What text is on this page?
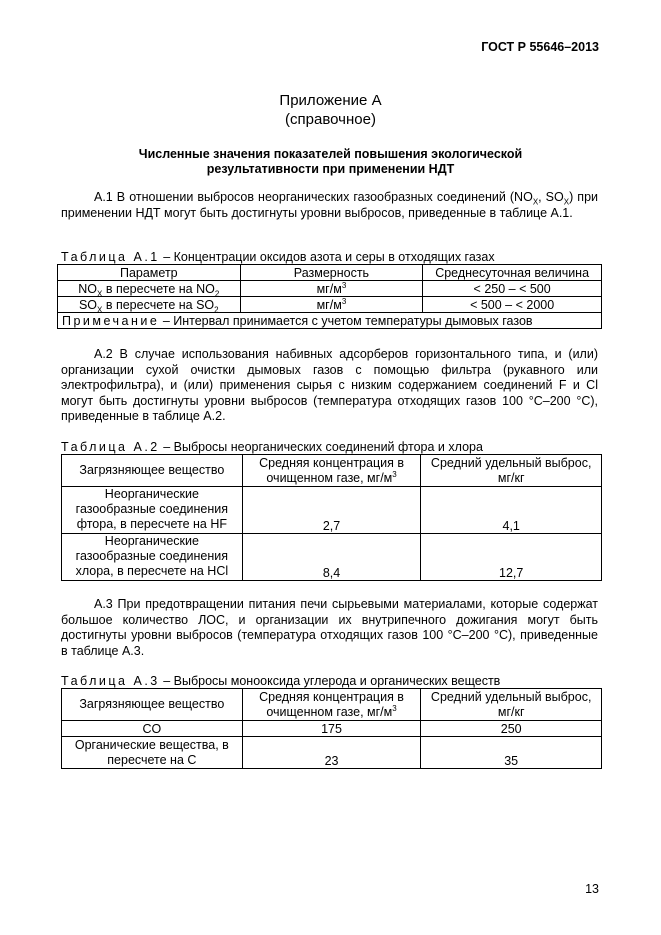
ГОСТ Р 55646–2013
Приложение А
(справочное)
Численные значения показателей повышения экологической
результативности при применении НДТ
А.1 В отношении выбросов неорганических газообразных соединений ($NO_X$, $SO_X$) при применении НДТ могут быть достигнуты уровни выбросов, приведенные в таблице А.1.
Таблица А.1 – Концентрации оксидов азота и серы в отходящих газах
Параметр	Размерность	Среднесуточная величина
$NO_X$ в пересчете на $NO_2$	$мг/м^3$	< 250 – < 500
$SO_X$ в пересчете на $SO_2$	$мг/м^3$	< 500 – < 2000
Примечание – Интервал принимается с учетом температуры дымовых газов		
А.2 В случае использования набивных адсорберов горизонтального типа, и (или) организации сухой очистки дымовых газов с помощью фильтра (рукавного или электрофильтра), и (или) применения сырья с низким содержанием соединений F и Cl могут быть достигнуты уровни выбросов (температура отходящих газов 100 °С–200 °С), приведенные в таблице А.2.
Таблица А.2 – Выбросы неорганических соединений фтора и хлора
Загрязняющее вещество	Средняя концентрация в очищенном газе, $мг/м^3$	Средний удельный выброс, мг/кг
Неорганические газообразные соединения фтора, в пересчете на HF	2,7	4,1
Неорганические газообразные соединения хлора, в пересчете на HCl	8,4	12,7
А.3 При предотвращении питания печи сырьевыми материалами, которые содержат большое количество ЛОС, и организации их внутрипечного дожигания могут быть достигнуты уровни выбросов (температура отходящих газов 100 °С–200 °С), приведенные в таблице А.3.
Таблица А.3 – Выбросы монооксида углерода и органических веществ
Загрязняющее вещество	Средняя концентрация в очищенном газе, $мг/м^3$	Средний удельный выброс, мг/кг
CO	175	250
Органические вещества, в пересчете на С	23	35
13
